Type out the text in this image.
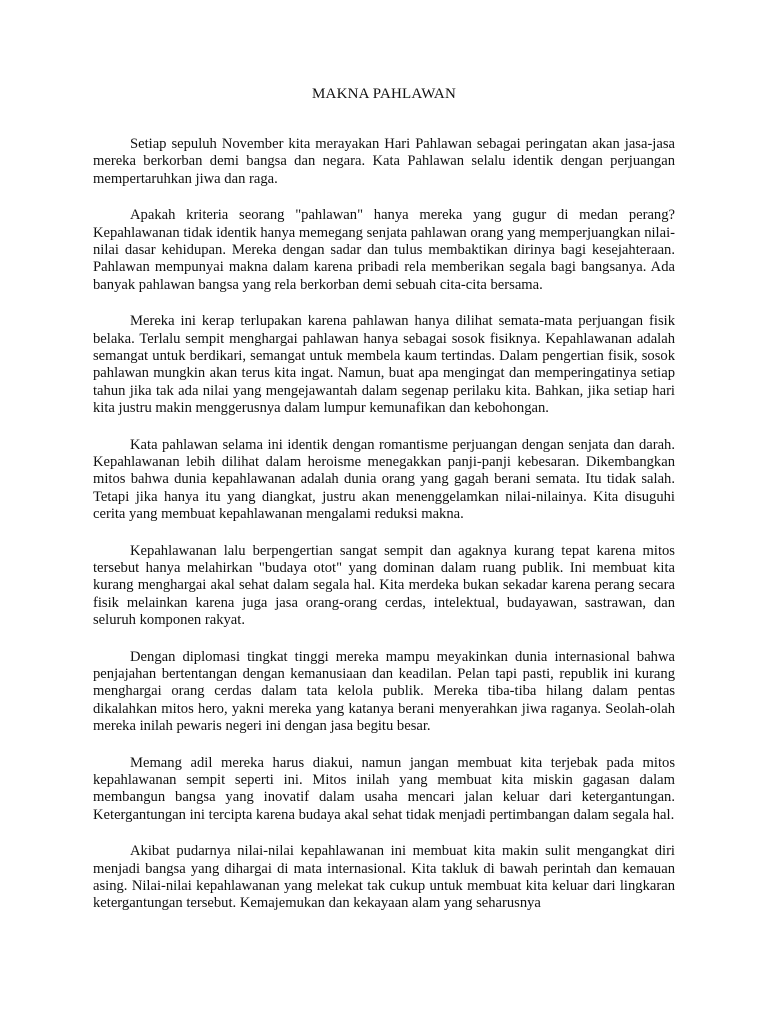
MAKNA PAHLAWAN

Setiap sepuluh November kita merayakan Hari Pahlawan sebagai peringatan akan jasa-jasa mereka berkorban demi bangsa dan negara. Kata Pahlawan selalu identik dengan perjuangan mempertaruhkan jiwa dan raga.

Apakah kriteria seorang "pahlawan" hanya mereka yang gugur di medan perang? Kepahlawanan tidak identik hanya memegang senjata pahlawan orang yang memperjuangkan nilai-nilai dasar kehidupan. Mereka dengan sadar dan tulus membaktikan dirinya bagi kesejahteraan. Pahlawan mempunyai makna dalam karena pribadi rela memberikan segala bagi bangsanya. Ada banyak pahlawan bangsa yang rela berkorban demi sebuah cita-cita bersama.

Mereka ini kerap terlupakan karena pahlawan hanya dilihat semata-mata perjuangan fisik belaka. Terlalu sempit menghargai pahlawan hanya sebagai sosok fisiknya. Kepahlawanan adalah semangat untuk berdikari, semangat untuk membela kaum tertindas. Dalam pengertian fisik, sosok pahlawan mungkin akan terus kita ingat. Namun, buat apa mengingat dan memperingatinya setiap tahun jika tak ada nilai yang mengejawantah dalam segenap perilaku kita. Bahkan, jika setiap hari kita justru makin menggerusnya dalam lumpur kemunafikan dan kebohongan.

Kata pahlawan selama ini identik dengan romantisme perjuangan dengan senjata dan darah. Kepahlawanan lebih dilihat dalam heroisme menegakkan panji-panji kebesaran. Dikembangkan mitos bahwa dunia kepahlawanan adalah dunia orang yang gagah berani semata. Itu tidak salah. Tetapi jika hanya itu yang diangkat, justru akan menenggelamkan nilai-nilainya. Kita disuguhi cerita yang membuat kepahlawanan mengalami reduksi makna.

Kepahlawanan lalu berpengertian sangat sempit dan agaknya kurang tepat karena mitos tersebut hanya melahirkan "budaya otot" yang dominan dalam ruang publik. Ini membuat kita kurang menghargai akal sehat dalam segala hal. Kita merdeka bukan sekadar karena perang secara fisik melainkan karena juga jasa orang-orang cerdas, intelektual, budayawan, sastrawan, dan seluruh komponen rakyat.

Dengan diplomasi tingkat tinggi mereka mampu meyakinkan dunia internasional bahwa penjajahan bertentangan dengan kemanusiaan dan keadilan. Pelan tapi pasti, republik ini kurang menghargai orang cerdas dalam tata kelola publik. Mereka tiba-tiba hilang dalam pentas dikalahkan mitos hero, yakni mereka yang katanya berani menyerahkan jiwa raganya. Seolah-olah mereka inilah pewaris negeri ini dengan jasa begitu besar.

Memang adil mereka harus diakui, namun jangan membuat kita terjebak pada mitos kepahlawanan sempit seperti ini. Mitos inilah yang membuat kita miskin gagasan dalam membangun bangsa yang inovatif dalam usaha mencari jalan keluar dari ketergantungan. Ketergantungan ini tercipta karena budaya akal sehat tidak menjadi pertimbangan dalam segala hal.

Akibat pudarnya nilai-nilai kepahlawanan ini membuat kita makin sulit mengangkat diri menjadi bangsa yang dihargai di mata internasional. Kita takluk di bawah perintah dan kemauan asing. Nilai-nilai kepahlawanan yang melekat tak cukup untuk membuat kita keluar dari lingkaran ketergantungan tersebut. Kemajemukan dan kekayaan alam yang seharusnya
